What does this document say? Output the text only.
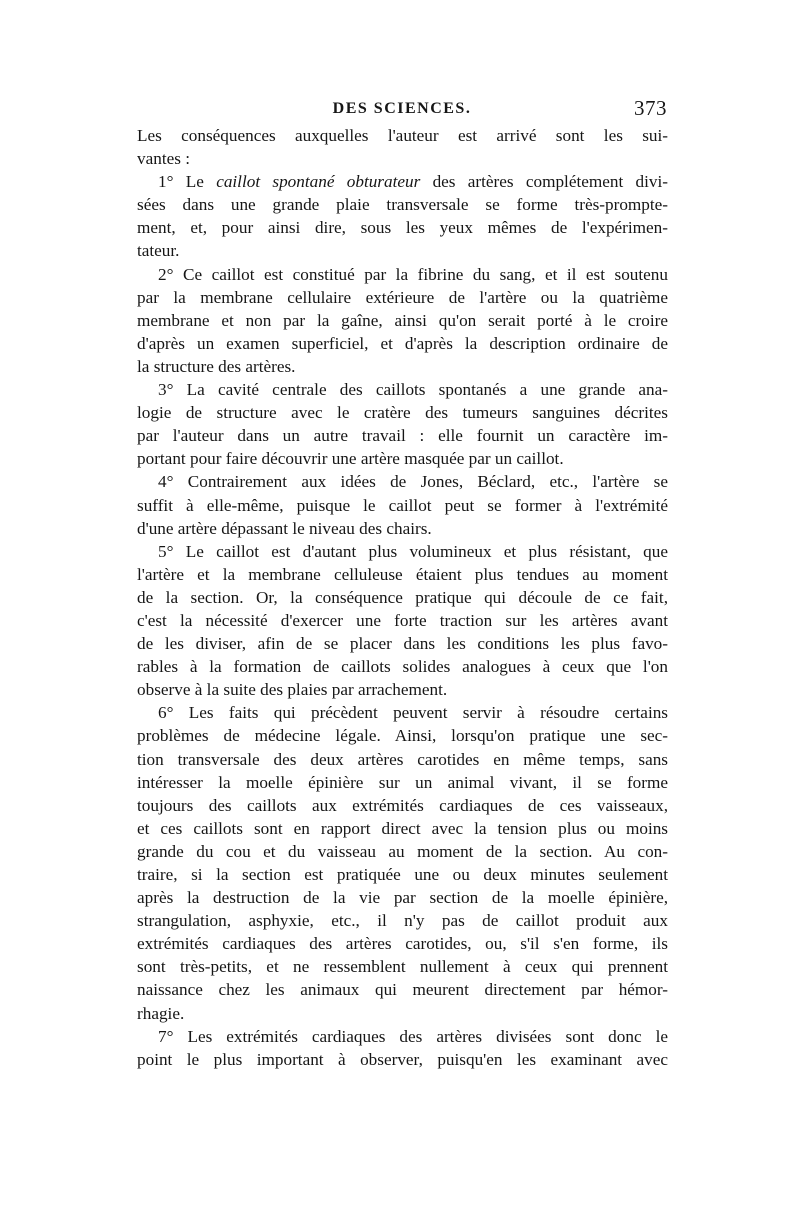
DES SCIENCES.	373
Les conséquences auxquelles l'auteur est arrivé sont les sui-
vantes :
1° Le caillot spontané obturateur des artères complétement divi-
sées dans une grande plaie transversale se forme très-prompte-
ment, et, pour ainsi dire, sous les yeux mêmes de l'expérimen-
tateur.
2° Ce caillot est constitué par la fibrine du sang, et il est soutenu
par la membrane cellulaire extérieure de l'artère ou la quatrième
membrane et non par la gaîne, ainsi qu'on serait porté à le croire
d'après un examen superficiel, et d'après la description ordinaire de
la structure des artères.
3° La cavité centrale des caillots spontanés a une grande ana-
logie de structure avec le cratère des tumeurs sanguines décrites
par l'auteur dans un autre travail : elle fournit un caractère im-
portant pour faire découvrir une artère masquée par un caillot.
4° Contrairement aux idées de Jones, Béclard, etc., l'artère se
suffit à elle-même, puisque le caillot peut se former à l'extrémité
d'une artère dépassant le niveau des chairs.
5° Le caillot est d'autant plus volumineux et plus résistant, que
l'artère et la membrane celluleuse étaient plus tendues au moment
de la section. Or, la conséquence pratique qui découle de ce fait,
c'est la nécessité d'exercer une forte traction sur les artères avant
de les diviser, afin de se placer dans les conditions les plus favo-
rables à la formation de caillots solides analogues à ceux que l'on
observe à la suite des plaies par arrachement.
6° Les faits qui précèdent peuvent servir à résoudre certains
problèmes de médecine légale. Ainsi, lorsqu'on pratique une sec-
tion transversale des deux artères carotides en même temps, sans
intéresser la moelle épinière sur un animal vivant, il se forme
toujours des caillots aux extrémités cardiaques de ces vaisseaux,
et ces caillots sont en rapport direct avec la tension plus ou moins
grande du cou et du vaisseau au moment de la section. Au con-
traire, si la section est pratiquée une ou deux minutes seulement
après la destruction de la vie par section de la moelle épinière,
strangulation, asphyxie, etc., il n'y pas de caillot produit aux
extrémités cardiaques des artères carotides, ou, s'il s'en forme, ils
sont très-petits, et ne ressemblent nullement à ceux qui prennent
naissance chez les animaux qui meurent directement par hémor-
rhagie.
7° Les extrémités cardiaques des artères divisées sont donc le
point le plus important à observer, puisqu'en les examinant avec
